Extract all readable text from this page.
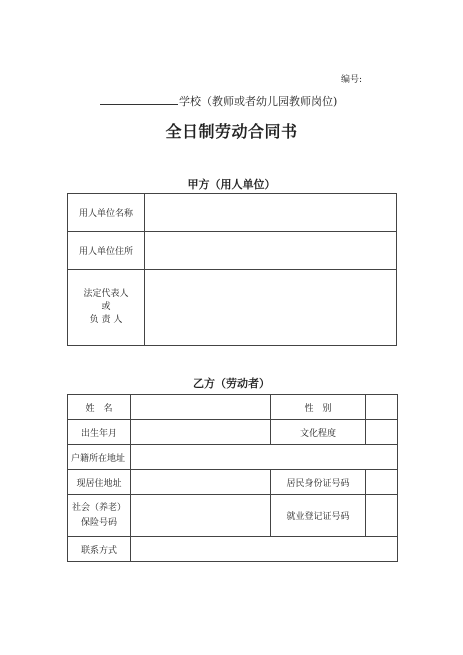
编号:
学校（教师或者幼儿园教师岗位)
全日制劳动合同书
甲方（用人单位）
用人单位名称	
用人单位住所	

法定代表人
或
负 责 人	

乙方（劳动者）
姓　名		性　别	
出生年月		文化程度	
户籍所在地址			
现居住地址		居民身份证号码	

社会（养老）
保险号码		就业登记证号码	
联系方式			
